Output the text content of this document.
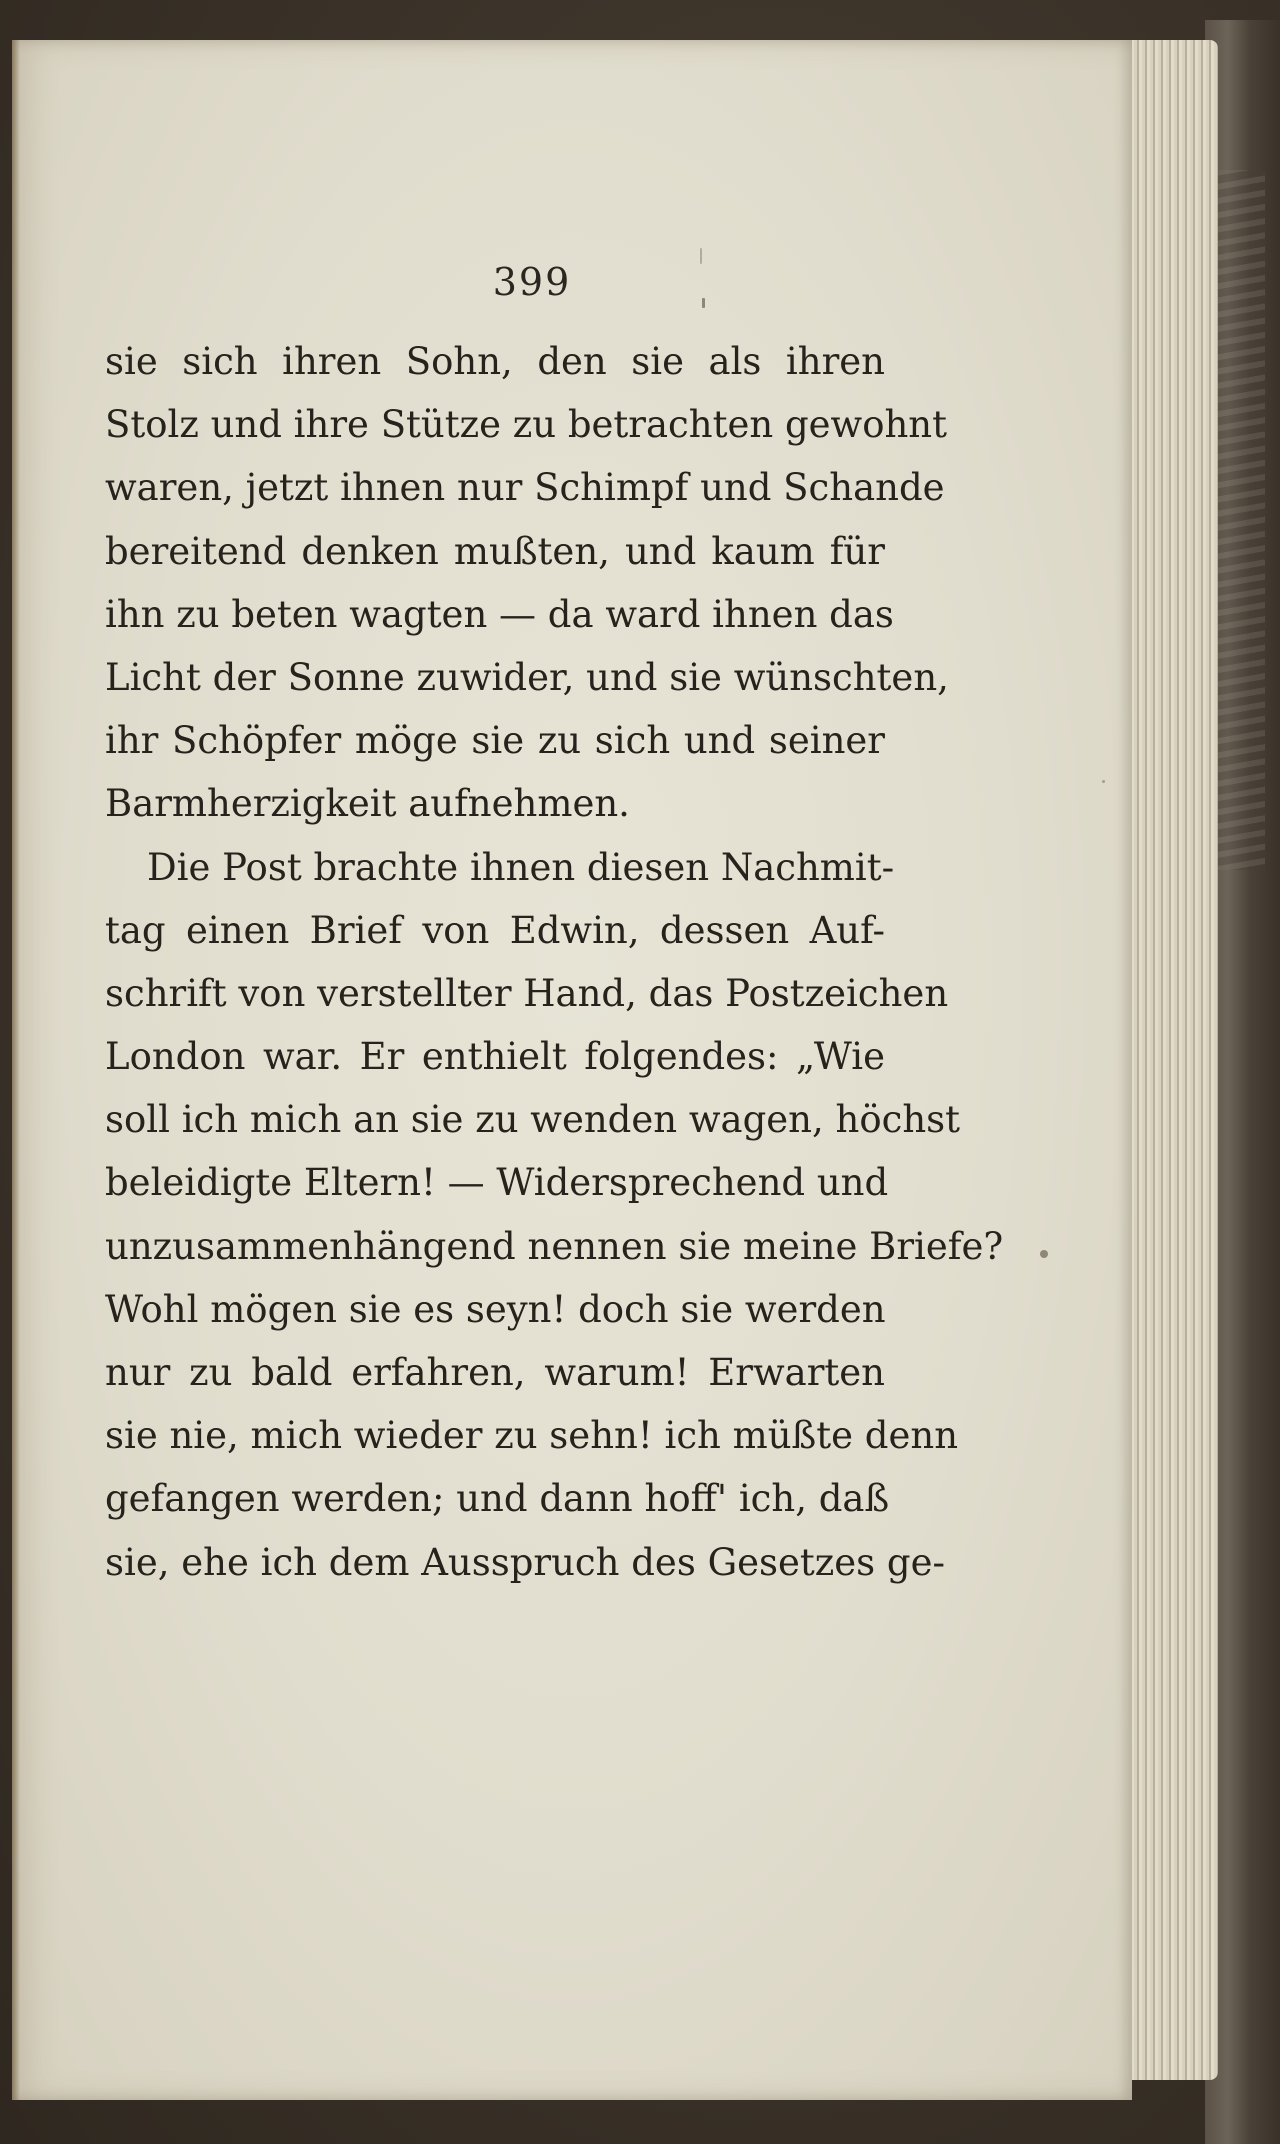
399
sie sich ihren Sohn, den sie als ihren
Stolz und ihre Stütze zu betrachten gewohnt
waren, jetzt ihnen nur Schimpf und Schande
bereitend denken mußten, und kaum für
ihn zu beten wagten — da ward ihnen das
Licht der Sonne zuwider, und sie wünschten,
ihr Schöpfer möge sie zu sich und seiner
Barmherzigkeit aufnehmen.
Die Post brachte ihnen diesen Nachmit-
tag einen Brief von Edwin, dessen Auf-
schrift von verstellter Hand, das Postzeichen
London war. Er enthielt folgendes: „Wie
soll ich mich an sie zu wenden wagen, höchst
beleidigte Eltern! — Widersprechend und
unzusammenhängend nennen sie meine Briefe?
Wohl mögen sie es seyn! doch sie werden
nur zu bald erfahren, warum! Erwarten
sie nie, mich wieder zu sehn! ich müßte denn
gefangen werden; und dann hoff' ich, daß
sie, ehe ich dem Ausspruch des Gesetzes ge-
